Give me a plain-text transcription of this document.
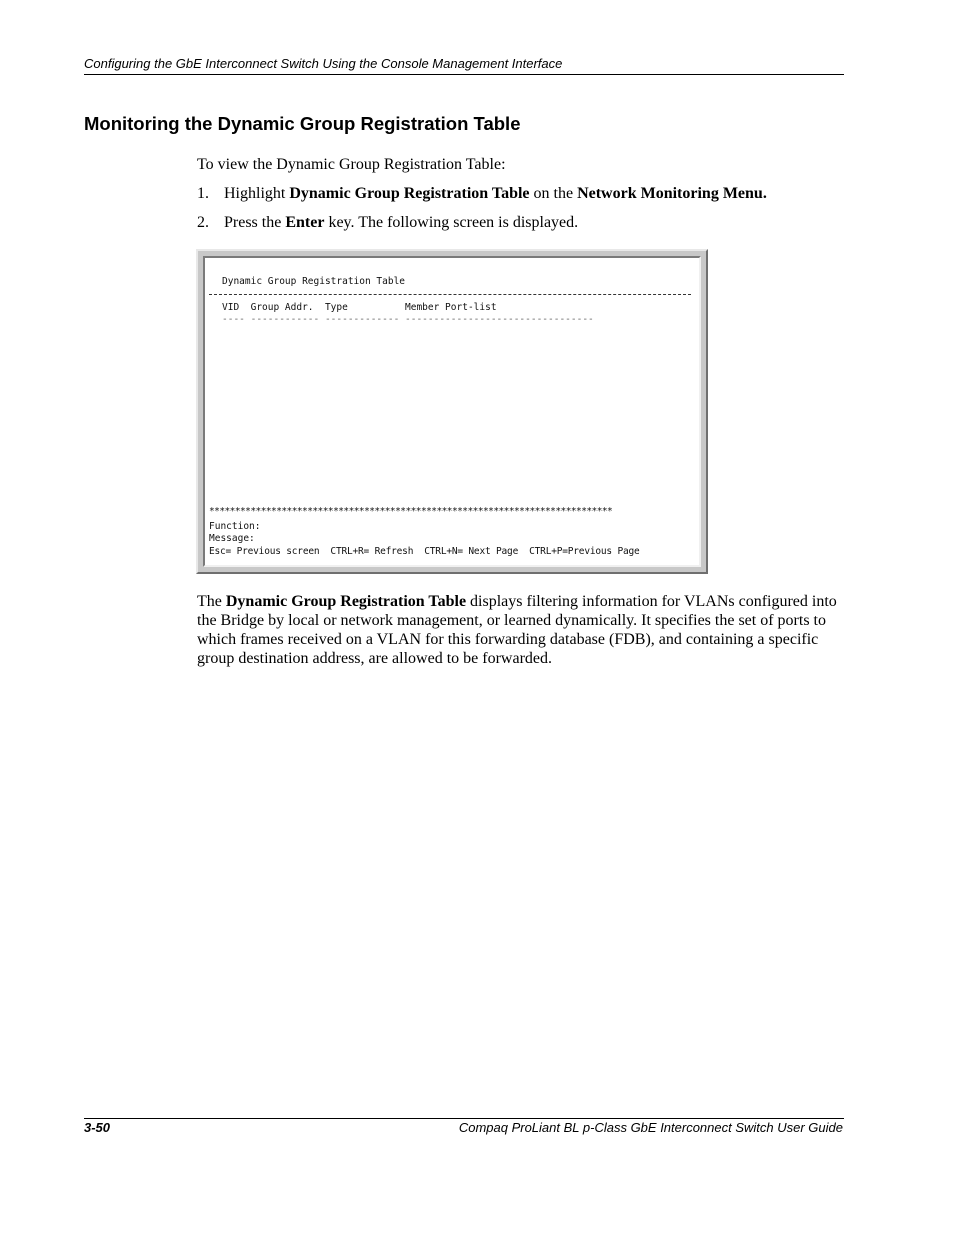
Configuring the GbE Interconnect Switch Using the Console Management Interface
Monitoring the Dynamic Group Registration Table
To view the Dynamic Group Registration Table:
1. Highlight Dynamic Group Registration Table on the Network Monitoring Menu.
2. Press the Enter key. The following screen is displayed.
Dynamic Group Registration Table
VID  Group Addr.  Type          Member Port-list
---- ------------ ------------- ---------------------------------
******************************************************************************
Function:
Message:
Esc= Previous screen  CTRL+R= Refresh  CTRL+N= Next Page  CTRL+P=Previous Page
The Dynamic Group Registration Table displays filtering information for VLANs configured into the Bridge by local or network management, or learned dynamically. It specifies the set of ports to which frames received on a VLAN for this forwarding database (FDB), and containing a specific group destination address, are allowed to be forwarded.
3-50	Compaq ProLiant BL p-Class GbE Interconnect Switch User Guide
